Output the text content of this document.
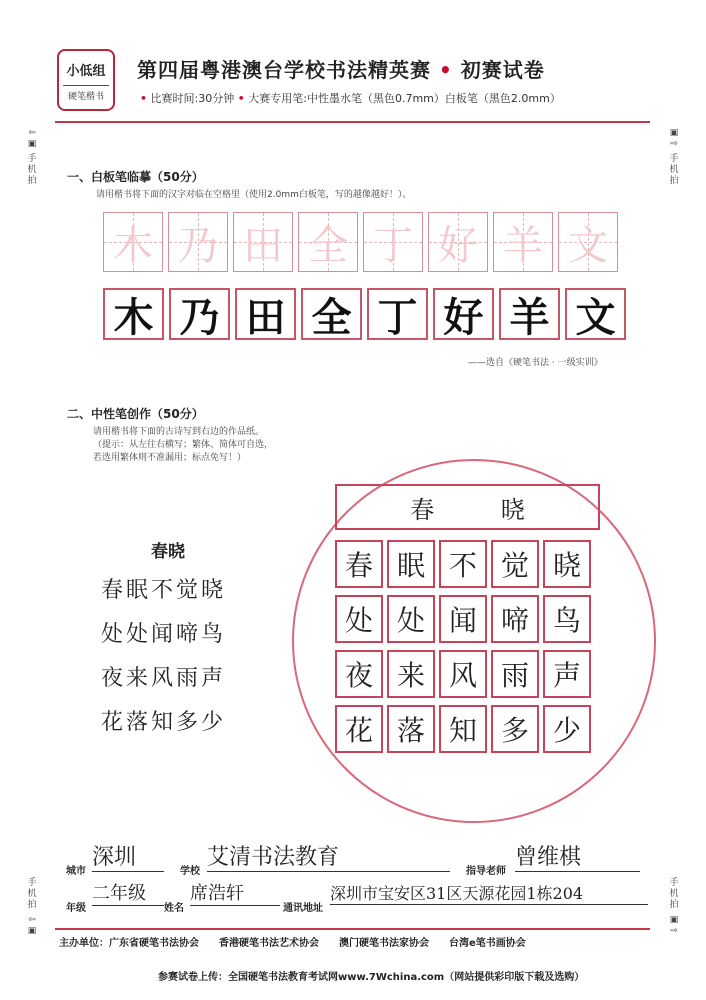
小低组
硬笔楷书
第四届粤港澳台学校书法精英赛 • 初赛试卷
• 比赛时间:30分钟 • 大赛专用笔:中性墨水笔（黑色0.7mm）白板笔（黑色2.0mm）
⇦ ▣
手机拍
▣ ⇨
手机拍
手机拍
⇦ ▣
手机拍
▣ ⇨
一、白板笔临摹（50分）
请用楷书将下面的汉字对临在空格里（使用2.0mm白板笔，写的越像越好！）。
木 乃 田 全 丁 好 羊 文
木 乃 田 全 丁 好 羊 文
——选自《硬笔书法 · 一级实训》
二、中性笔创作（50分）
请用楷书将下面的古诗写到右边的作品纸。
（提示：从左往右横写；繁体、简体可自选，
若选用繁体则不准漏用；标点免写！）
春晓
春眠不觉晓
处处闻啼鸟
夜来风雨声
花落知多少
春	晓
春 眠 不 觉 晓 处 处 闻 啼 鸟 夜 来 风 雨 声 花 落 知 多 少
城市
深圳
学校
艾清书法教育
指导老师
曾维棋
年级
二年级
姓名
席浩轩
通讯地址
深圳市宝安区31区天源花园1栋204
主办单位：广东省硬笔书法协会　　香港硬笔书法艺术协会　　澳门硬笔书法家协会　　台湾e笔书画协会
参赛试卷上传：全国硬笔书法教育考试网www.7Wchina.com（网站提供彩印版下载及选购）
